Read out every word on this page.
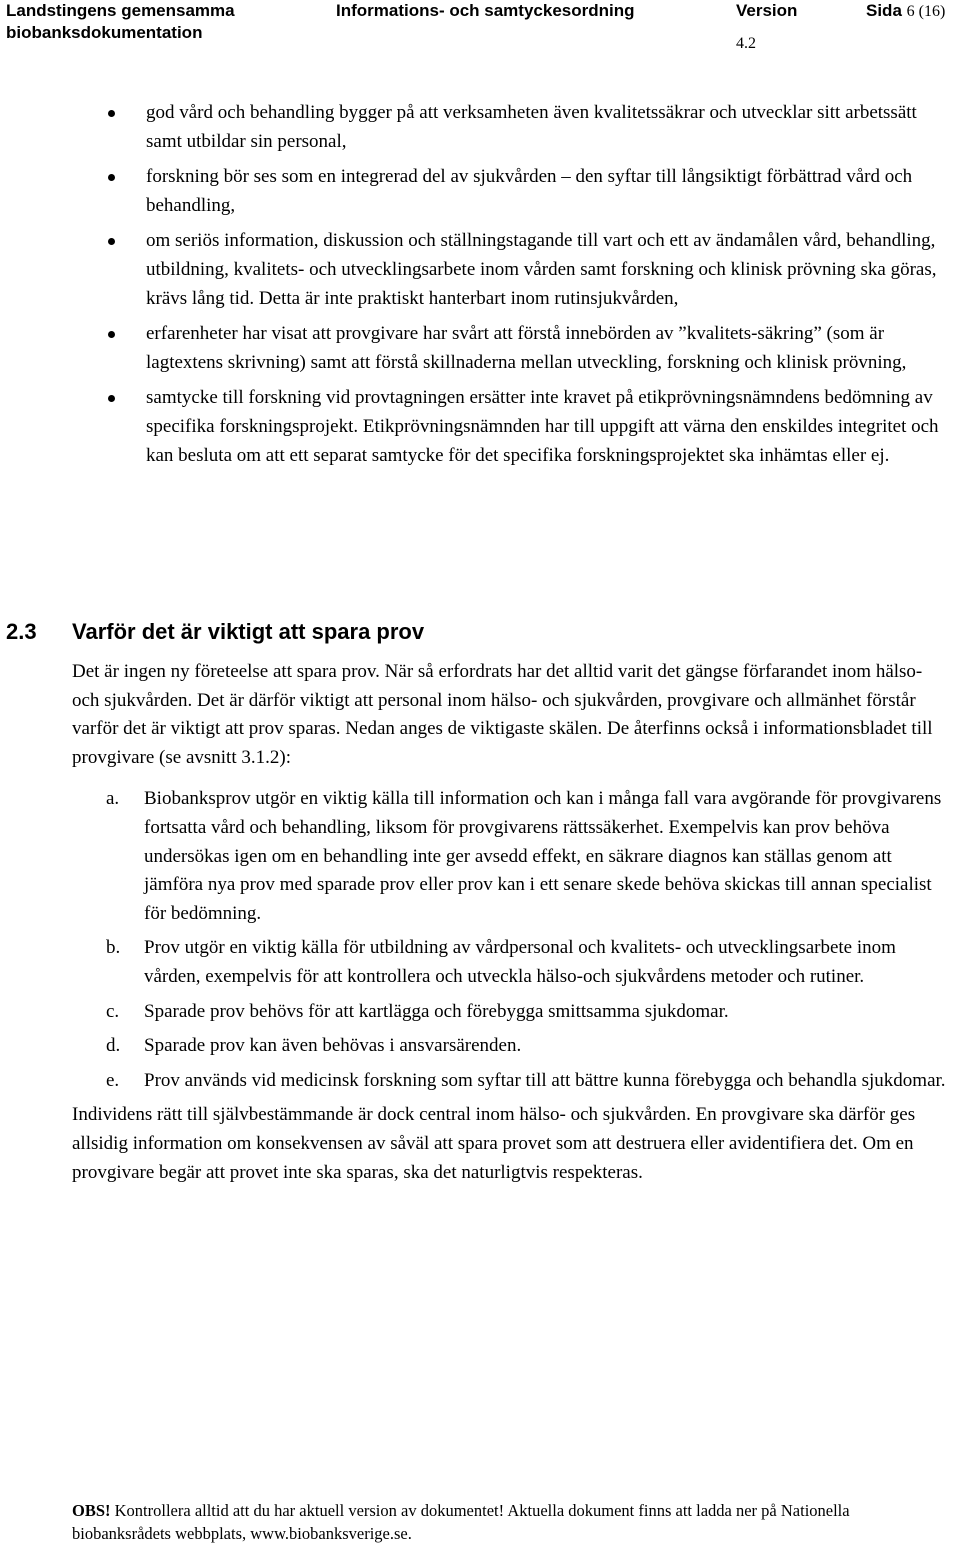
Landstingens gemensamma
biobanksdokumentation
Informations- och samtyckesordning	Version
4.2
Sida 6 (16)
god vård och behandling bygger på att verksamheten även kvalitetssäkrar och utvecklar sitt arbetssätt samt utbildar sin personal,
forskning bör ses som en integrerad del av sjukvården – den syftar till långsiktigt förbättrad vård och behandling,
om seriös information, diskussion och ställningstagande till vart och ett av ändamålen vård, behandling, utbildning, kvalitets- och utvecklingsarbete inom vården samt forskning och klinisk prövning ska göras, krävs lång tid. Detta är inte praktiskt hanterbart inom rutinsjukvården,
erfarenheter har visat att provgivare har svårt att förstå innebörden av ”kvalitets-säkring” (som är lagtextens skrivning) samt att förstå skillnaderna mellan utveckling, forskning och klinisk prövning,
samtycke till forskning vid provtagningen ersätter inte kravet på etikprövningsnämndens bedömning av specifika forskningsprojekt. Etikprövningsnämnden har till uppgift att värna den enskildes integritet och kan besluta om att ett separat samtycke för det specifika forskningsprojektet ska inhämtas eller ej.
2.3 Varför det är viktigt att spara prov

Det är ingen ny företeelse att spara prov. När så erfordrats har det alltid varit det gängse förfarandet inom hälso- och sjukvården. Det är därför viktigt att personal inom hälso- och sjukvården, provgivare och allmänhet förstår varför det är viktigt att prov sparas. Nedan anges de viktigaste skälen. De återfinns också i informationsbladet till provgivare (se avsnitt 3.1.2):

a. Biobanksprov utgör en viktig källa till information och kan i många fall vara avgörande för provgivarens fortsatta vård och behandling, liksom för provgivarens rättssäkerhet. Exempelvis kan prov behöva undersökas igen om en behandling inte ger avsedd effekt, en säkrare diagnos kan ställas genom att jämföra nya prov med sparade prov eller prov kan i ett senare skede behöva skickas till annan specialist för bedömning.
b. Prov utgör en viktig källa för utbildning av vårdpersonal och kvalitets- och utvecklingsarbete inom vården, exempelvis för att kontrollera och utveckla hälso-och sjukvårdens metoder och rutiner.
c. Sparade prov behövs för att kartlägga och förebygga smittsamma sjukdomar.
d. Sparade prov kan även behövas i ansvarsärenden.
e. Prov används vid medicinsk forskning som syftar till att bättre kunna förebygga och behandla sjukdomar.

Individens rätt till självbestämmande är dock central inom hälso- och sjukvården. En provgivare ska därför ges allsidig information om konsekvensen av såväl att spara provet som att destruera eller avidentifiera det. Om en provgivare begär att provet inte ska sparas, ska det naturligtvis respekteras.

OBS! Kontrollera alltid att du har aktuell version av dokumentet! Aktuella dokument finns att ladda ner på Nationella biobanksrådets webbplats, www.biobanksverige.se.
